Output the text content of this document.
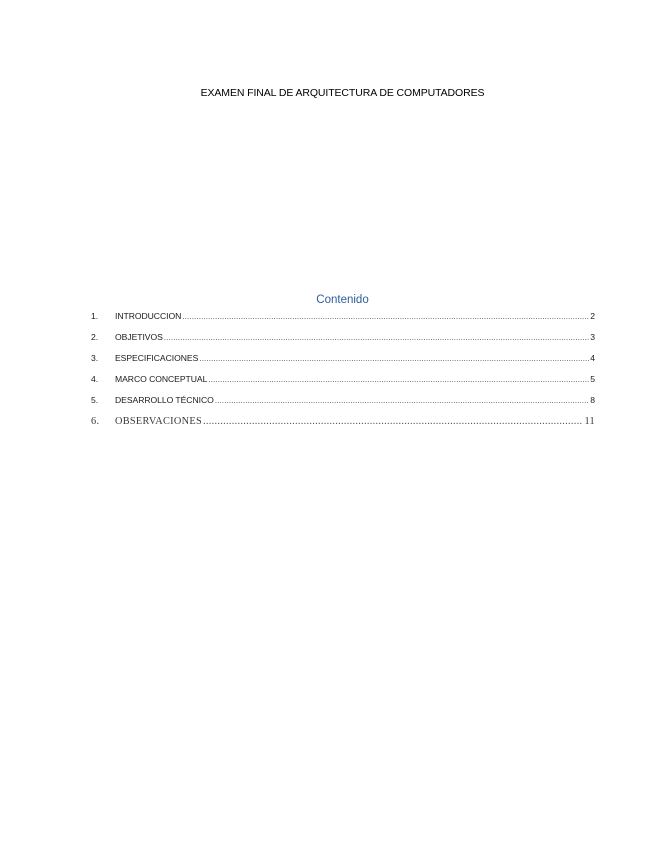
EXAMEN FINAL DE ARQUITECTURA DE COMPUTADORES
Contenido
1.	INTRODUCCION .....	2
2.	OBJETIVOS .....	3
3.	ESPECIFICACIONES .....	4
4.	MARCO CONCEPTUAL .....	5
5.	DESARROLLO TÉCNICO .....	8
6.	OBSERVACIONES .....	11
